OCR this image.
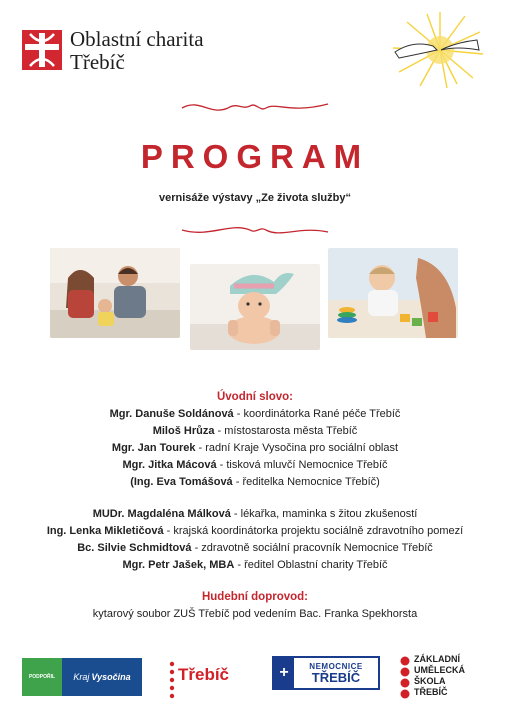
Oblastní charita
Třebíč
PROGRAM
vernisáže výstavy „Ze života služby“
Úvodní slovo:
Mgr. Danuše Soldánová - koordinátorka Rané péče Třebíč
Miloš Hrůza - místostarosta města Třebíč
Mgr. Jan Tourek - radní Kraje Vysočina pro sociální oblast
Mgr. Jitka Mácová - tisková mluvčí Nemocnice Třebíč
(Ing. Eva Tomášová - ředitelka Nemocnice Třebíč)
MUDr. Magdaléna Málková - lékařka, maminka s žitou zkušeností
Ing. Lenka Mikletičová - krajská koordinátorka projektu sociálně zdravotního pomezí
Bc. Silvie Schmidtová - zdravotně sociální pracovník Nemocnice Třebíč
Mgr. Petr Jašek, MBA - ředitel Oblastní charity Třebíč
Hudební doprovod:
kytarový soubor ZUŠ Třebíč pod vedením Bac. Franka Spekhorsta
PODPOŘIL	Kraj Vysočina	Třebíč	+	NEMOCNICE
TŘEBÍČ
ZÁKLADNÍ
UMĚLECKÁ
ŠKOLA
TŘEBÍČ
